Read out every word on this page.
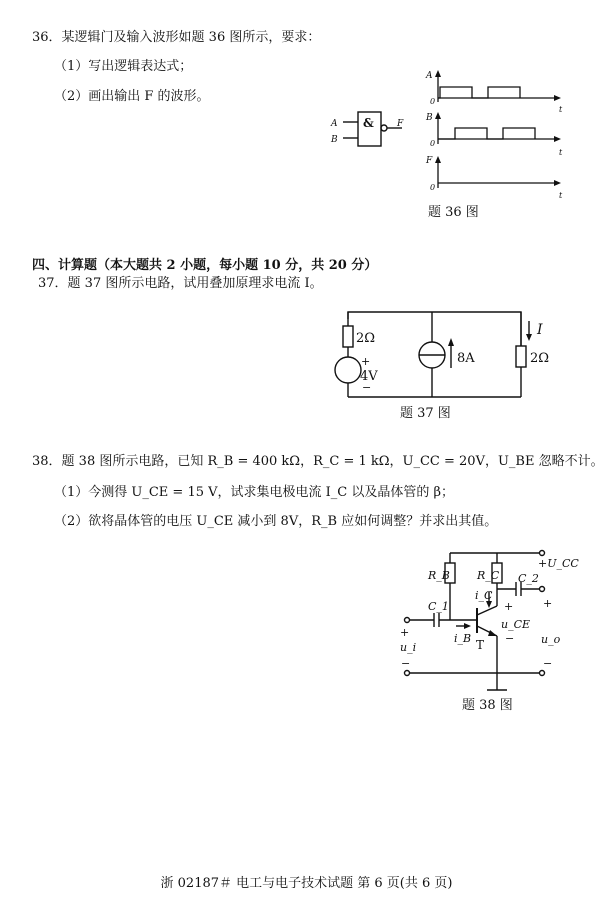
36．某逻辑门及输入波形如题 36 图所示，要求：
（1）写出逻辑表达式；
（2）画出输出 F 的波形。
&
A
B
F
A
0
t
B
0
t
F
0
t
题 36 图
四、计算题（本大题共 2 小题，每小题 10 分，共 20 分）
37．题 37 图所示电路，试用叠加原理求电流 I。
2Ω
+
4V
−
8A
I
2Ω
题 37 图
38．题 38 图所示电路，已知 R_B = 400 kΩ，R_C = 1 kΩ，U_CC = 20V，U_BE 忽略不计。
（1）今测得 U_CE = 15 V，试求集电极电流 I_C 以及晶体管的 β；
（2）欲将晶体管的电压 U_CE 减小到 8V，R_B 应如何调整？并求出其值。
+U_CC
R_B R_C C_2
i_C
C_1
i_B T
+
u_CE
−
+
u_i
−
+
u_o
−
题 38 图
浙 02187＃ 电工与电子技术试题 第 6 页(共 6 页)
